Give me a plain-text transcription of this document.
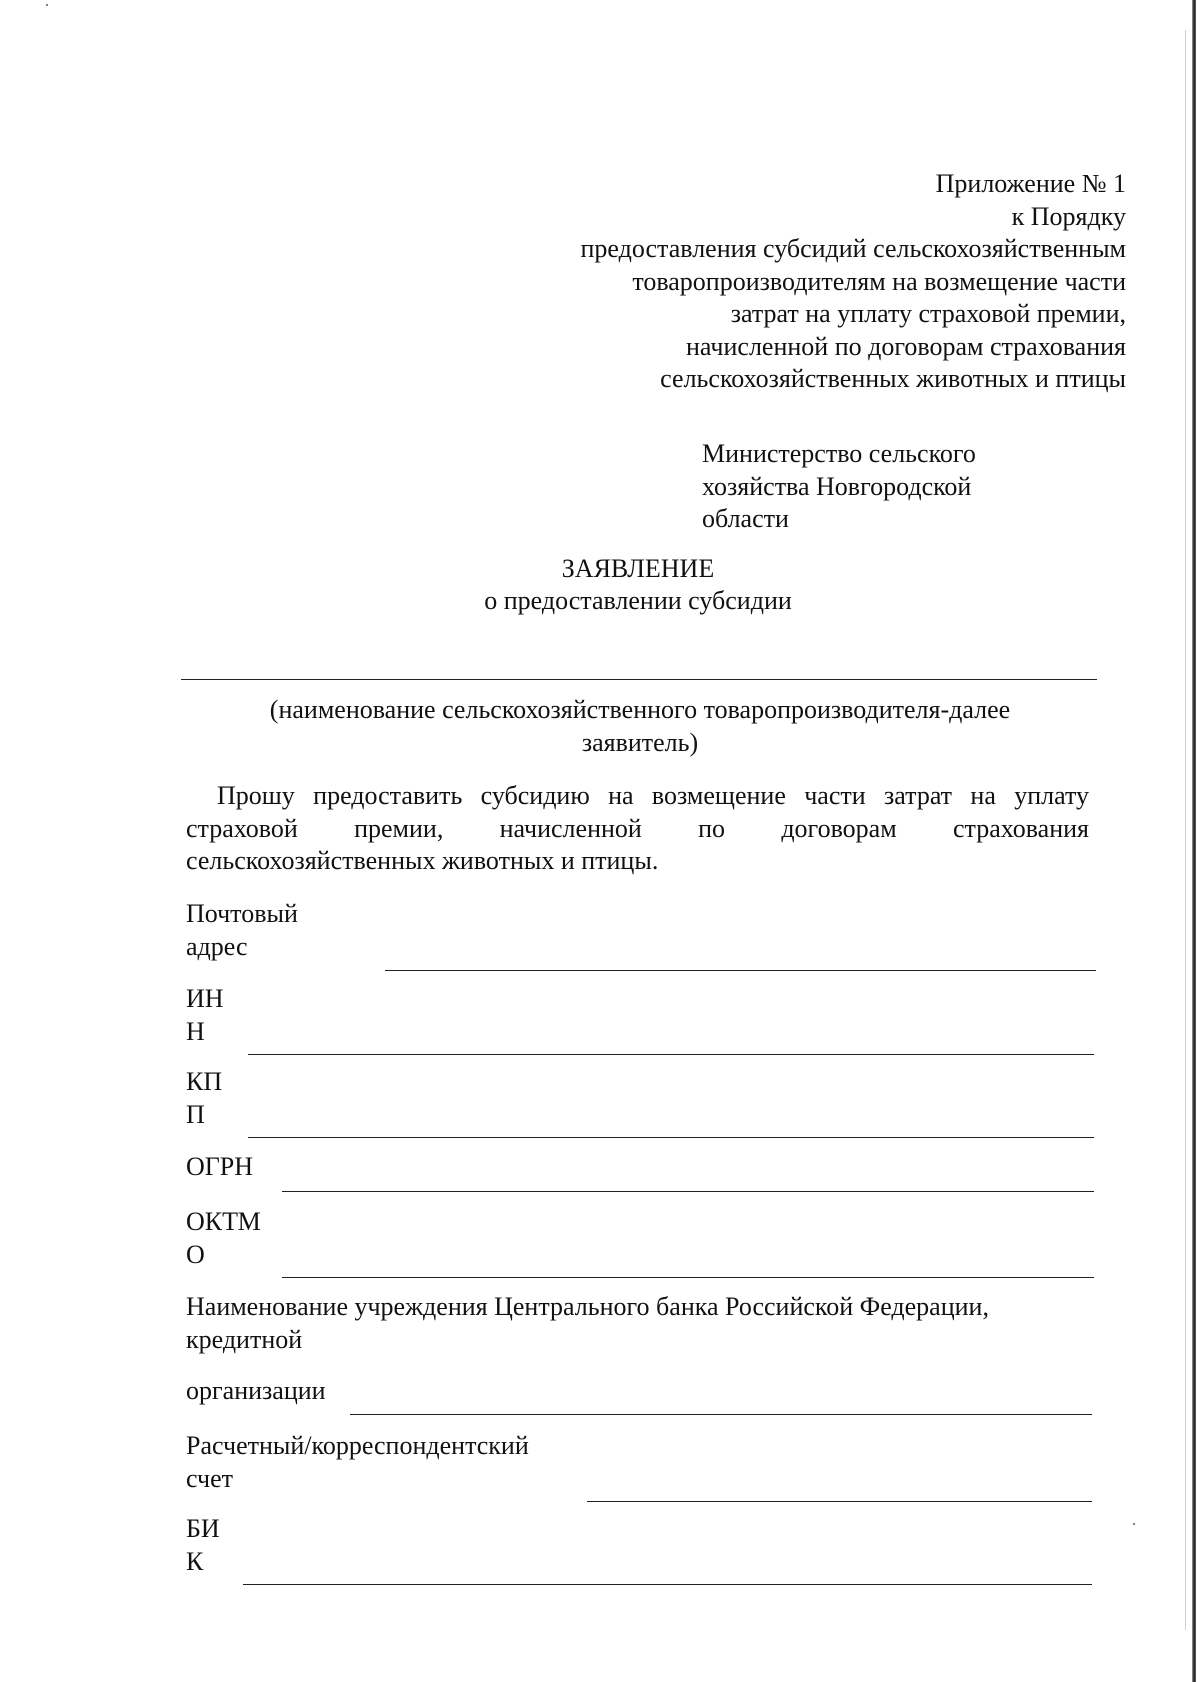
Приложение № 1
к Порядку
предоставления субсидий сельскохозяйственным
товаропроизводителям на возмещение части
затрат на уплату страховой премии,
начисленной по договорам страхования
сельскохозяйственных животных и птицы
Министерство сельского
хозяйства Новгородской
области
ЗАЯВЛЕНИЕ
о предоставлении субсидии
(наименование сельскохозяйственного товаропроизводителя-далее
заявитель)
Прошу предоставить субсидию на возмещение части затрат на уплату
страховой премии, начисленной по договорам страхования
сельскохозяйственных животных и птицы.
Почтовый
адрес
ИН
Н
КП
П
ОГРН
ОКТМ
О
Наименование учреждения Центрального банка Российской Федерации,
кредитной
организации
Расчетный/корреспондентский
счет
БИ
К
